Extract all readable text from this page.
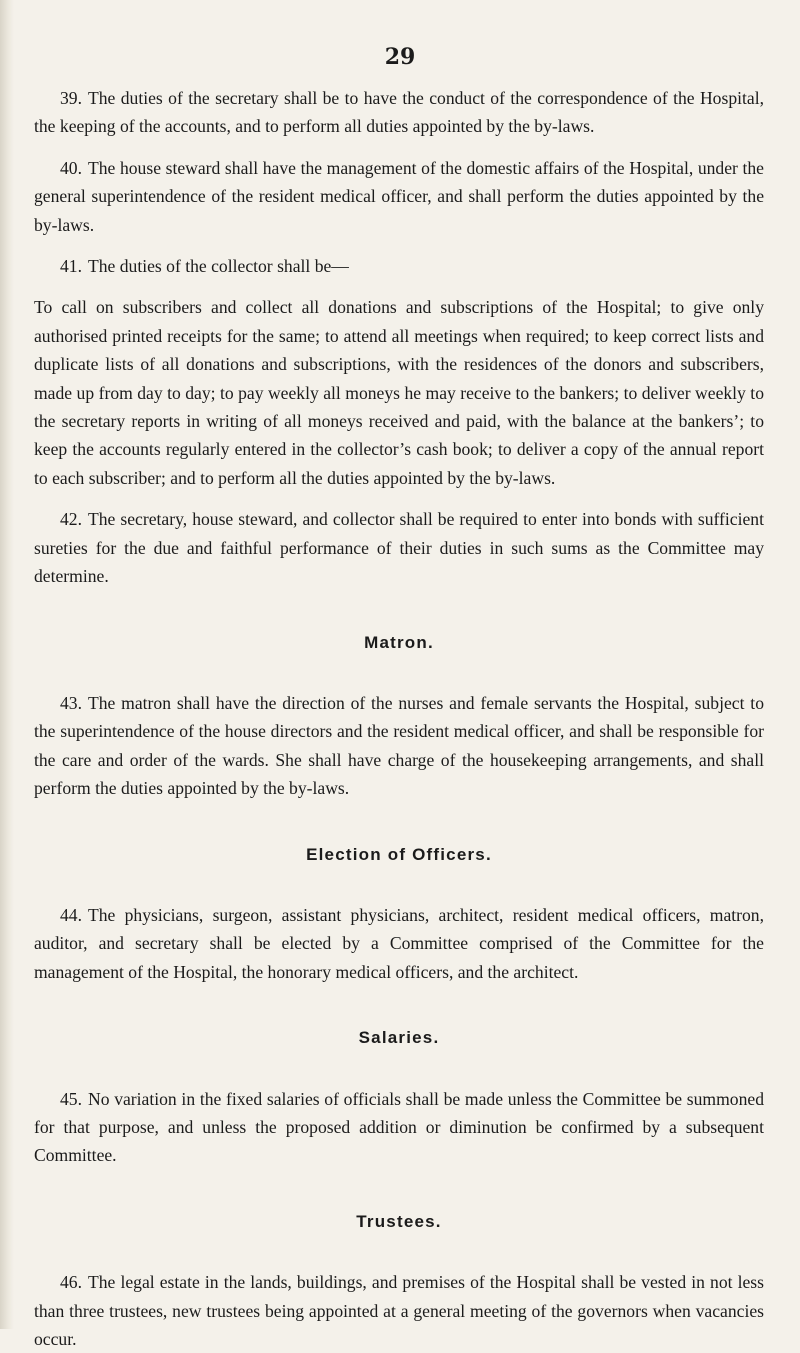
29

39. The duties of the secretary shall be to have the conduct of the correspondence of the Hospital, the keeping of the accounts, and to perform all duties appointed by the by-laws.

40. The house steward shall have the management of the domestic affairs of the Hospital, under the general superintendence of the resident medical officer, and shall perform the duties appointed by the by-laws.

41. The duties of the collector shall be—

To call on subscribers and collect all donations and subscriptions of the Hospital; to give only authorised printed receipts for the same; to attend all meetings when required; to keep correct lists and duplicate lists of all donations and subscriptions, with the residences of the donors and subscribers, made up from day to day; to pay weekly all moneys he may receive to the bankers; to deliver weekly to the secretary reports in writing of all moneys received and paid, with the balance at the bankers’; to keep the accounts regularly entered in the collector’s cash book; to deliver a copy of the annual report to each subscriber; and to perform all the duties appointed by the by-laws.

42. The secretary, house steward, and collector shall be required to enter into bonds with sufficient sureties for the due and faithful performance of their duties in such sums as the Committee may determine.

Matron.

43. The matron shall have the direction of the nurses and female servants the Hospital, subject to the superintendence of the house directors and the resident medical officer, and shall be responsible for the care and order of the wards. She shall have charge of the housekeeping arrangements, and shall perform the duties appointed by the by-laws.

Election of Officers.

44. The physicians, surgeon, assistant physicians, architect, resident medical officers, matron, auditor, and secretary shall be elected by a Committee comprised of the Committee for the management of the Hospital, the honorary medical officers, and the architect.

Salaries.

45. No variation in the fixed salaries of officials shall be made unless the Committee be summoned for that purpose, and unless the proposed addition or diminution be confirmed by a subsequent Committee.

Trustees.

46. The legal estate in the lands, buildings, and premises of the Hospital shall be vested in not less than three trustees, new trustees being appointed at a general meeting of the governors when vacancies occur.
